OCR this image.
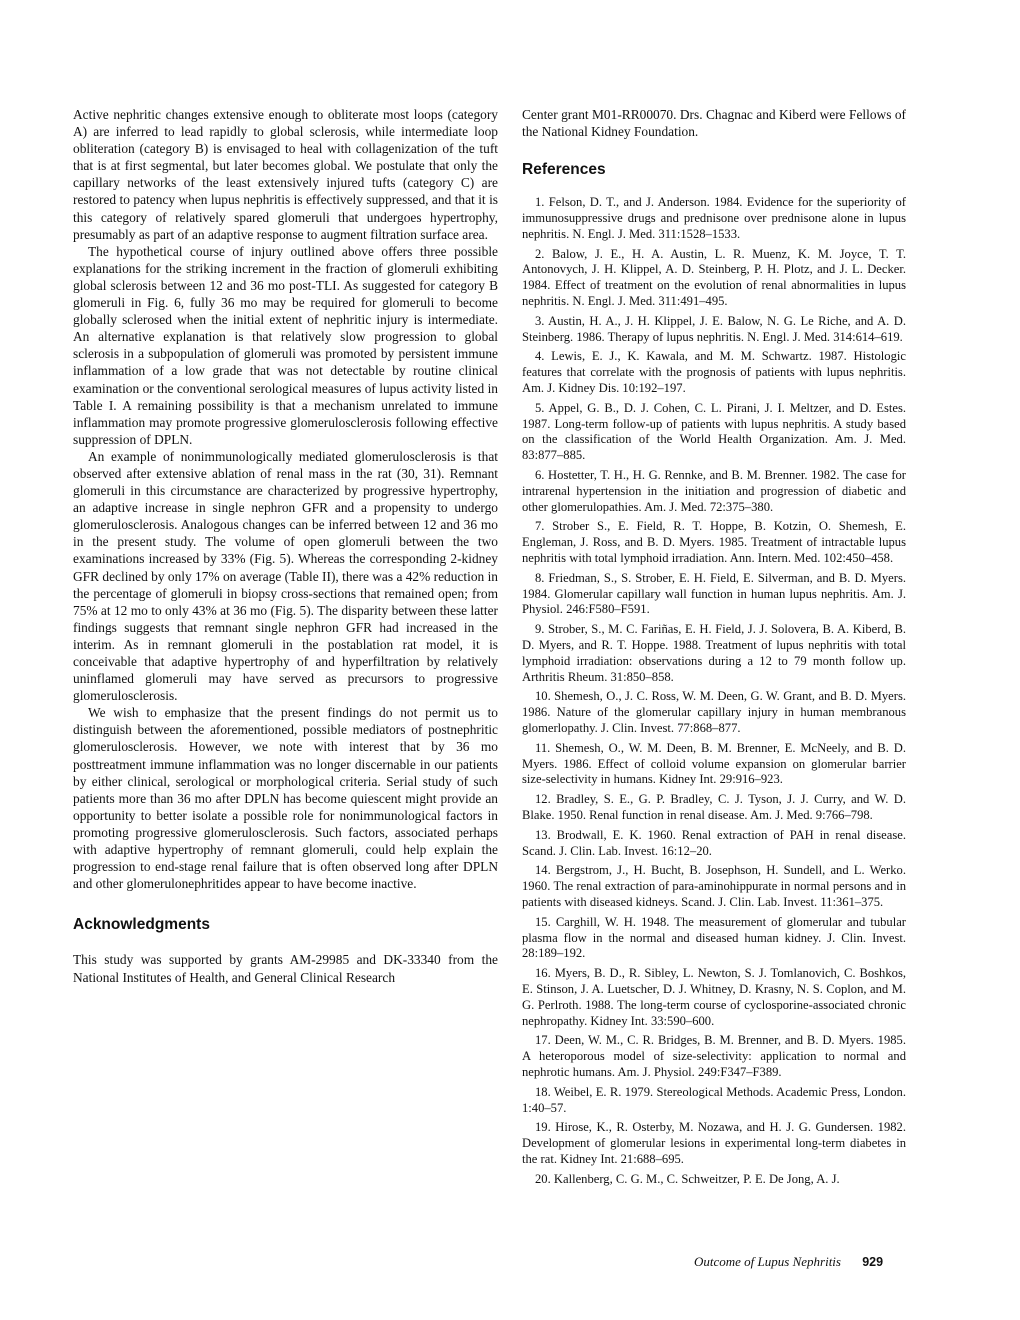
Active nephritic changes extensive enough to obliterate most loops (category A) are inferred to lead rapidly to global sclerosis, while intermediate loop obliteration (category B) is envisaged to heal with collagenization of the tuft that is at first segmental, but later becomes global. We postulate that only the capillary networks of the least extensively injured tufts (category C) are restored to patency when lupus nephritis is effectively suppressed, and that it is this category of relatively spared glomeruli that undergoes hypertrophy, presumably as part of an adaptive response to augment filtration surface area.

The hypothetical course of injury outlined above offers three possible explanations for the striking increment in the fraction of glomeruli exhibiting global sclerosis between 12 and 36 mo post-TLI. As suggested for category B glomeruli in Fig. 6, fully 36 mo may be required for glomeruli to become globally sclerosed when the initial extent of nephritic injury is intermediate. An alternative explanation is that relatively slow progression to global sclerosis in a subpopulation of glomeruli was promoted by persistent immune inflammation of a low grade that was not detectable by routine clinical examination or the conventional serological measures of lupus activity listed in Table I. A remaining possibility is that a mechanism unrelated to immune inflammation may promote progressive glomerulosclerosis following effective suppression of DPLN.

An example of nonimmunologically mediated glomerulosclerosis is that observed after extensive ablation of renal mass in the rat (30, 31). Remnant glomeruli in this circumstance are characterized by progressive hypertrophy, an adaptive increase in single nephron GFR and a propensity to undergo glomerulosclerosis. Analogous changes can be inferred between 12 and 36 mo in the present study. The volume of open glomeruli between the two examinations increased by 33% (Fig. 5). Whereas the corresponding 2-kidney GFR declined by only 17% on average (Table II), there was a 42% reduction in the percentage of glomeruli in biopsy cross-sections that remained open; from 75% at 12 mo to only 43% at 36 mo (Fig. 5). The disparity between these latter findings suggests that remnant single nephron GFR had increased in the interim. As in remnant glomeruli in the postablation rat model, it is conceivable that adaptive hypertrophy of and hyperfiltration by relatively uninflamed glomeruli may have served as precursors to progressive glomerulosclerosis.

We wish to emphasize that the present findings do not permit us to distinguish between the aforementioned, possible mediators of postnephritic glomerulosclerosis. However, we note with interest that by 36 mo posttreatment immune inflammation was no longer discernable in our patients by either clinical, serological or morphological criteria. Serial study of such patients more than 36 mo after DPLN has become quiescent might provide an opportunity to better isolate a possible role for nonimmunological factors in promoting progressive glomerulosclerosis. Such factors, associated perhaps with adaptive hypertrophy of remnant glomeruli, could help explain the progression to end-stage renal failure that is often observed long after DPLN and other glomerulonephritides appear to have become inactive.

Acknowledgments

This study was supported by grants AM-29985 and DK-33340 from the National Institutes of Health, and General Clinical Research

Center grant M01-RR00070. Drs. Chagnac and Kiberd were Fellows of the National Kidney Foundation.

References
1. Felson, D. T., and J. Anderson. 1984. Evidence for the superiority of immunosuppressive drugs and prednisone over prednisone alone in lupus nephritis. N. Engl. J. Med. 311:1528–1533.
2. Balow, J. E., H. A. Austin, L. R. Muenz, K. M. Joyce, T. T. Antonovych, J. H. Klippel, A. D. Steinberg, P. H. Plotz, and J. L. Decker. 1984. Effect of treatment on the evolution of renal abnormalities in lupus nephritis. N. Engl. J. Med. 311:491–495.
3. Austin, H. A., J. H. Klippel, J. E. Balow, N. G. Le Riche, and A. D. Steinberg. 1986. Therapy of lupus nephritis. N. Engl. J. Med. 314:614–619.
4. Lewis, E. J., K. Kawala, and M. M. Schwartz. 1987. Histologic features that correlate with the prognosis of patients with lupus nephritis. Am. J. Kidney Dis. 10:192–197.
5. Appel, G. B., D. J. Cohen, C. L. Pirani, J. I. Meltzer, and D. Estes. 1987. Long-term follow-up of patients with lupus nephritis. A study based on the classification of the World Health Organization. Am. J. Med. 83:877–885.
6. Hostetter, T. H., H. G. Rennke, and B. M. Brenner. 1982. The case for intrarenal hypertension in the initiation and progression of diabetic and other glomerulopathies. Am. J. Med. 72:375–380.
7. Strober S., E. Field, R. T. Hoppe, B. Kotzin, O. Shemesh, E. Engleman, J. Ross, and B. D. Myers. 1985. Treatment of intractable lupus nephritis with total lymphoid irradiation. Ann. Intern. Med. 102:450–458.
8. Friedman, S., S. Strober, E. H. Field, E. Silverman, and B. D. Myers. 1984. Glomerular capillary wall function in human lupus nephritis. Am. J. Physiol. 246:F580–F591.
9. Strober, S., M. C. Fariñas, E. H. Field, J. J. Solovera, B. A. Kiberd, B. D. Myers, and R. T. Hoppe. 1988. Treatment of lupus nephritis with total lymphoid irradiation: observations during a 12 to 79 month follow up. Arthritis Rheum. 31:850–858.
10. Shemesh, O., J. C. Ross, W. M. Deen, G. W. Grant, and B. D. Myers. 1986. Nature of the glomerular capillary injury in human membranous glomerlopathy. J. Clin. Invest. 77:868–877.
11. Shemesh, O., W. M. Deen, B. M. Brenner, E. McNeely, and B. D. Myers. 1986. Effect of colloid volume expansion on glomerular barrier size-selectivity in humans. Kidney Int. 29:916–923.
12. Bradley, S. E., G. P. Bradley, C. J. Tyson, J. J. Curry, and W. D. Blake. 1950. Renal function in renal disease. Am. J. Med. 9:766–798.
13. Brodwall, E. K. 1960. Renal extraction of PAH in renal disease. Scand. J. Clin. Lab. Invest. 16:12–20.
14. Bergstrom, J., H. Bucht, B. Josephson, H. Sundell, and L. Werko. 1960. The renal extraction of para-aminohippurate in normal persons and in patients with diseased kidneys. Scand. J. Clin. Lab. Invest. 11:361–375.
15. Carghill, W. H. 1948. The measurement of glomerular and tubular plasma flow in the normal and diseased human kidney. J. Clin. Invest. 28:189–192.
16. Myers, B. D., R. Sibley, L. Newton, S. J. Tomlanovich, C. Boshkos, E. Stinson, J. A. Luetscher, D. J. Whitney, D. Krasny, N. S. Coplon, and M. G. Perlroth. 1988. The long-term course of cyclosporine-associated chronic nephropathy. Kidney Int. 33:590–600.
17. Deen, W. M., C. R. Bridges, B. M. Brenner, and B. D. Myers. 1985. A heteroporous model of size-selectivity: application to normal and nephrotic humans. Am. J. Physiol. 249:F347–F389.
18. Weibel, E. R. 1979. Stereological Methods. Academic Press, London. 1:40–57.
19. Hirose, K., R. Osterby, M. Nozawa, and H. J. G. Gundersen. 1982. Development of glomerular lesions in experimental long-term diabetes in the rat. Kidney Int. 21:688–695.
20. Kallenberg, C. G. M., C. Schweitzer, P. E. De Jong, A. J.
Outcome of Lupus Nephritis 929
